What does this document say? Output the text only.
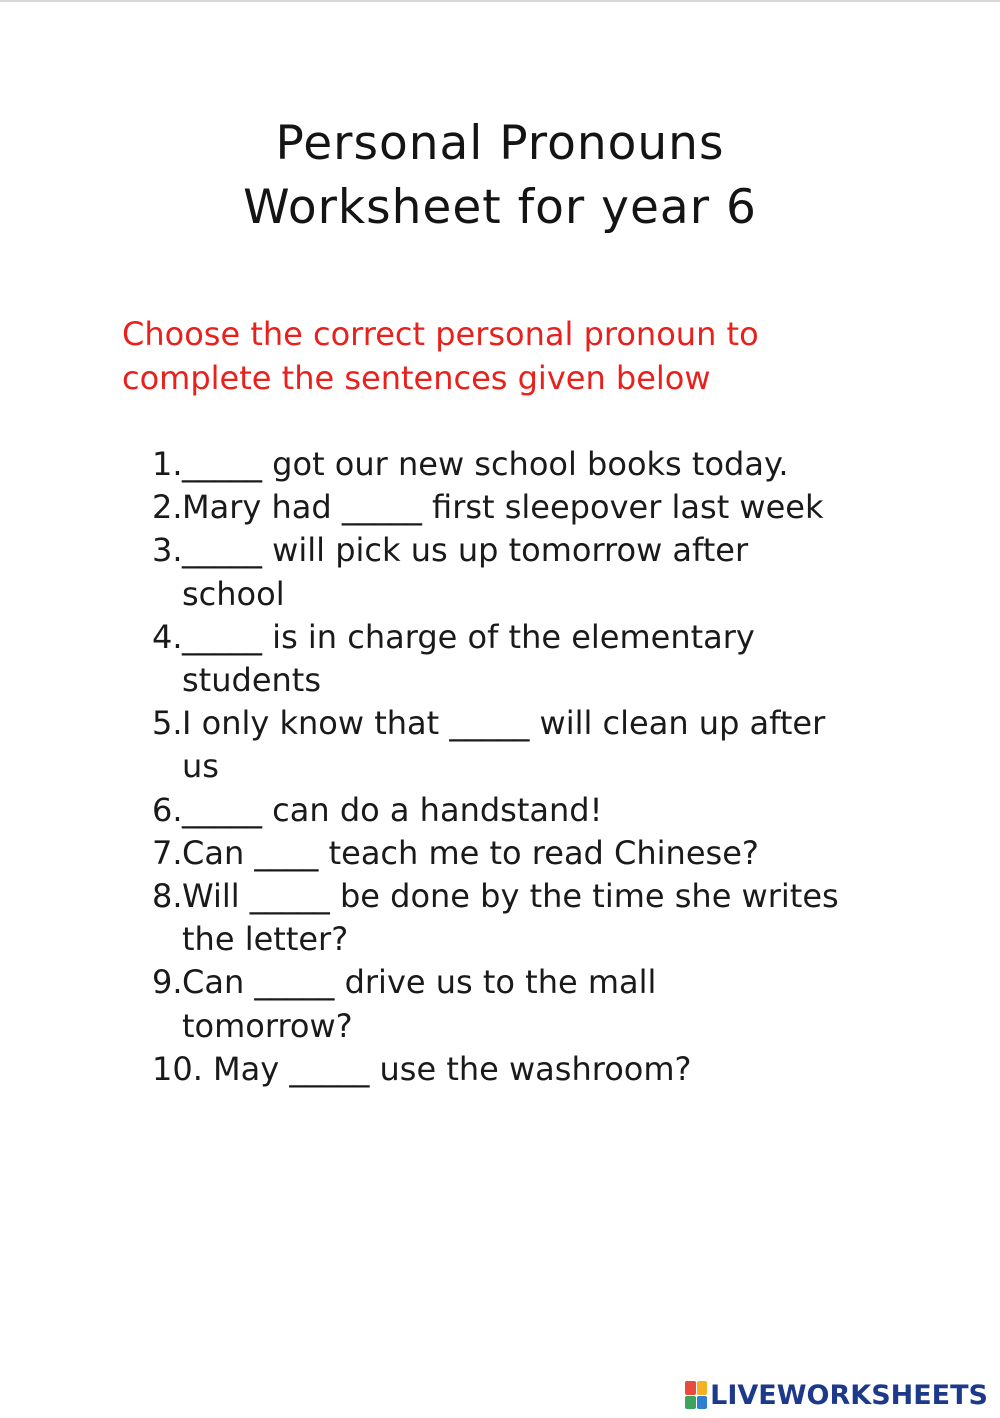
Personal Pronouns
Worksheet for year 6
Choose the correct personal pronoun to
complete the sentences given below
1. _____ got our new school books today.
2. Mary had _____ first sleepover last week
3. _____ will pick us up tomorrow after
school
4. _____ is in charge of the elementary
students
5. I only know that _____ will clean up after
us
6. _____ can do a handstand!
7. Can ____ teach me to read Chinese?
8. Will _____ be done by the time she writes
the letter?
9. Can _____ drive us to the mall
tomorrow?
10. May _____ use the washroom?
LIVEWORKSHEETS
